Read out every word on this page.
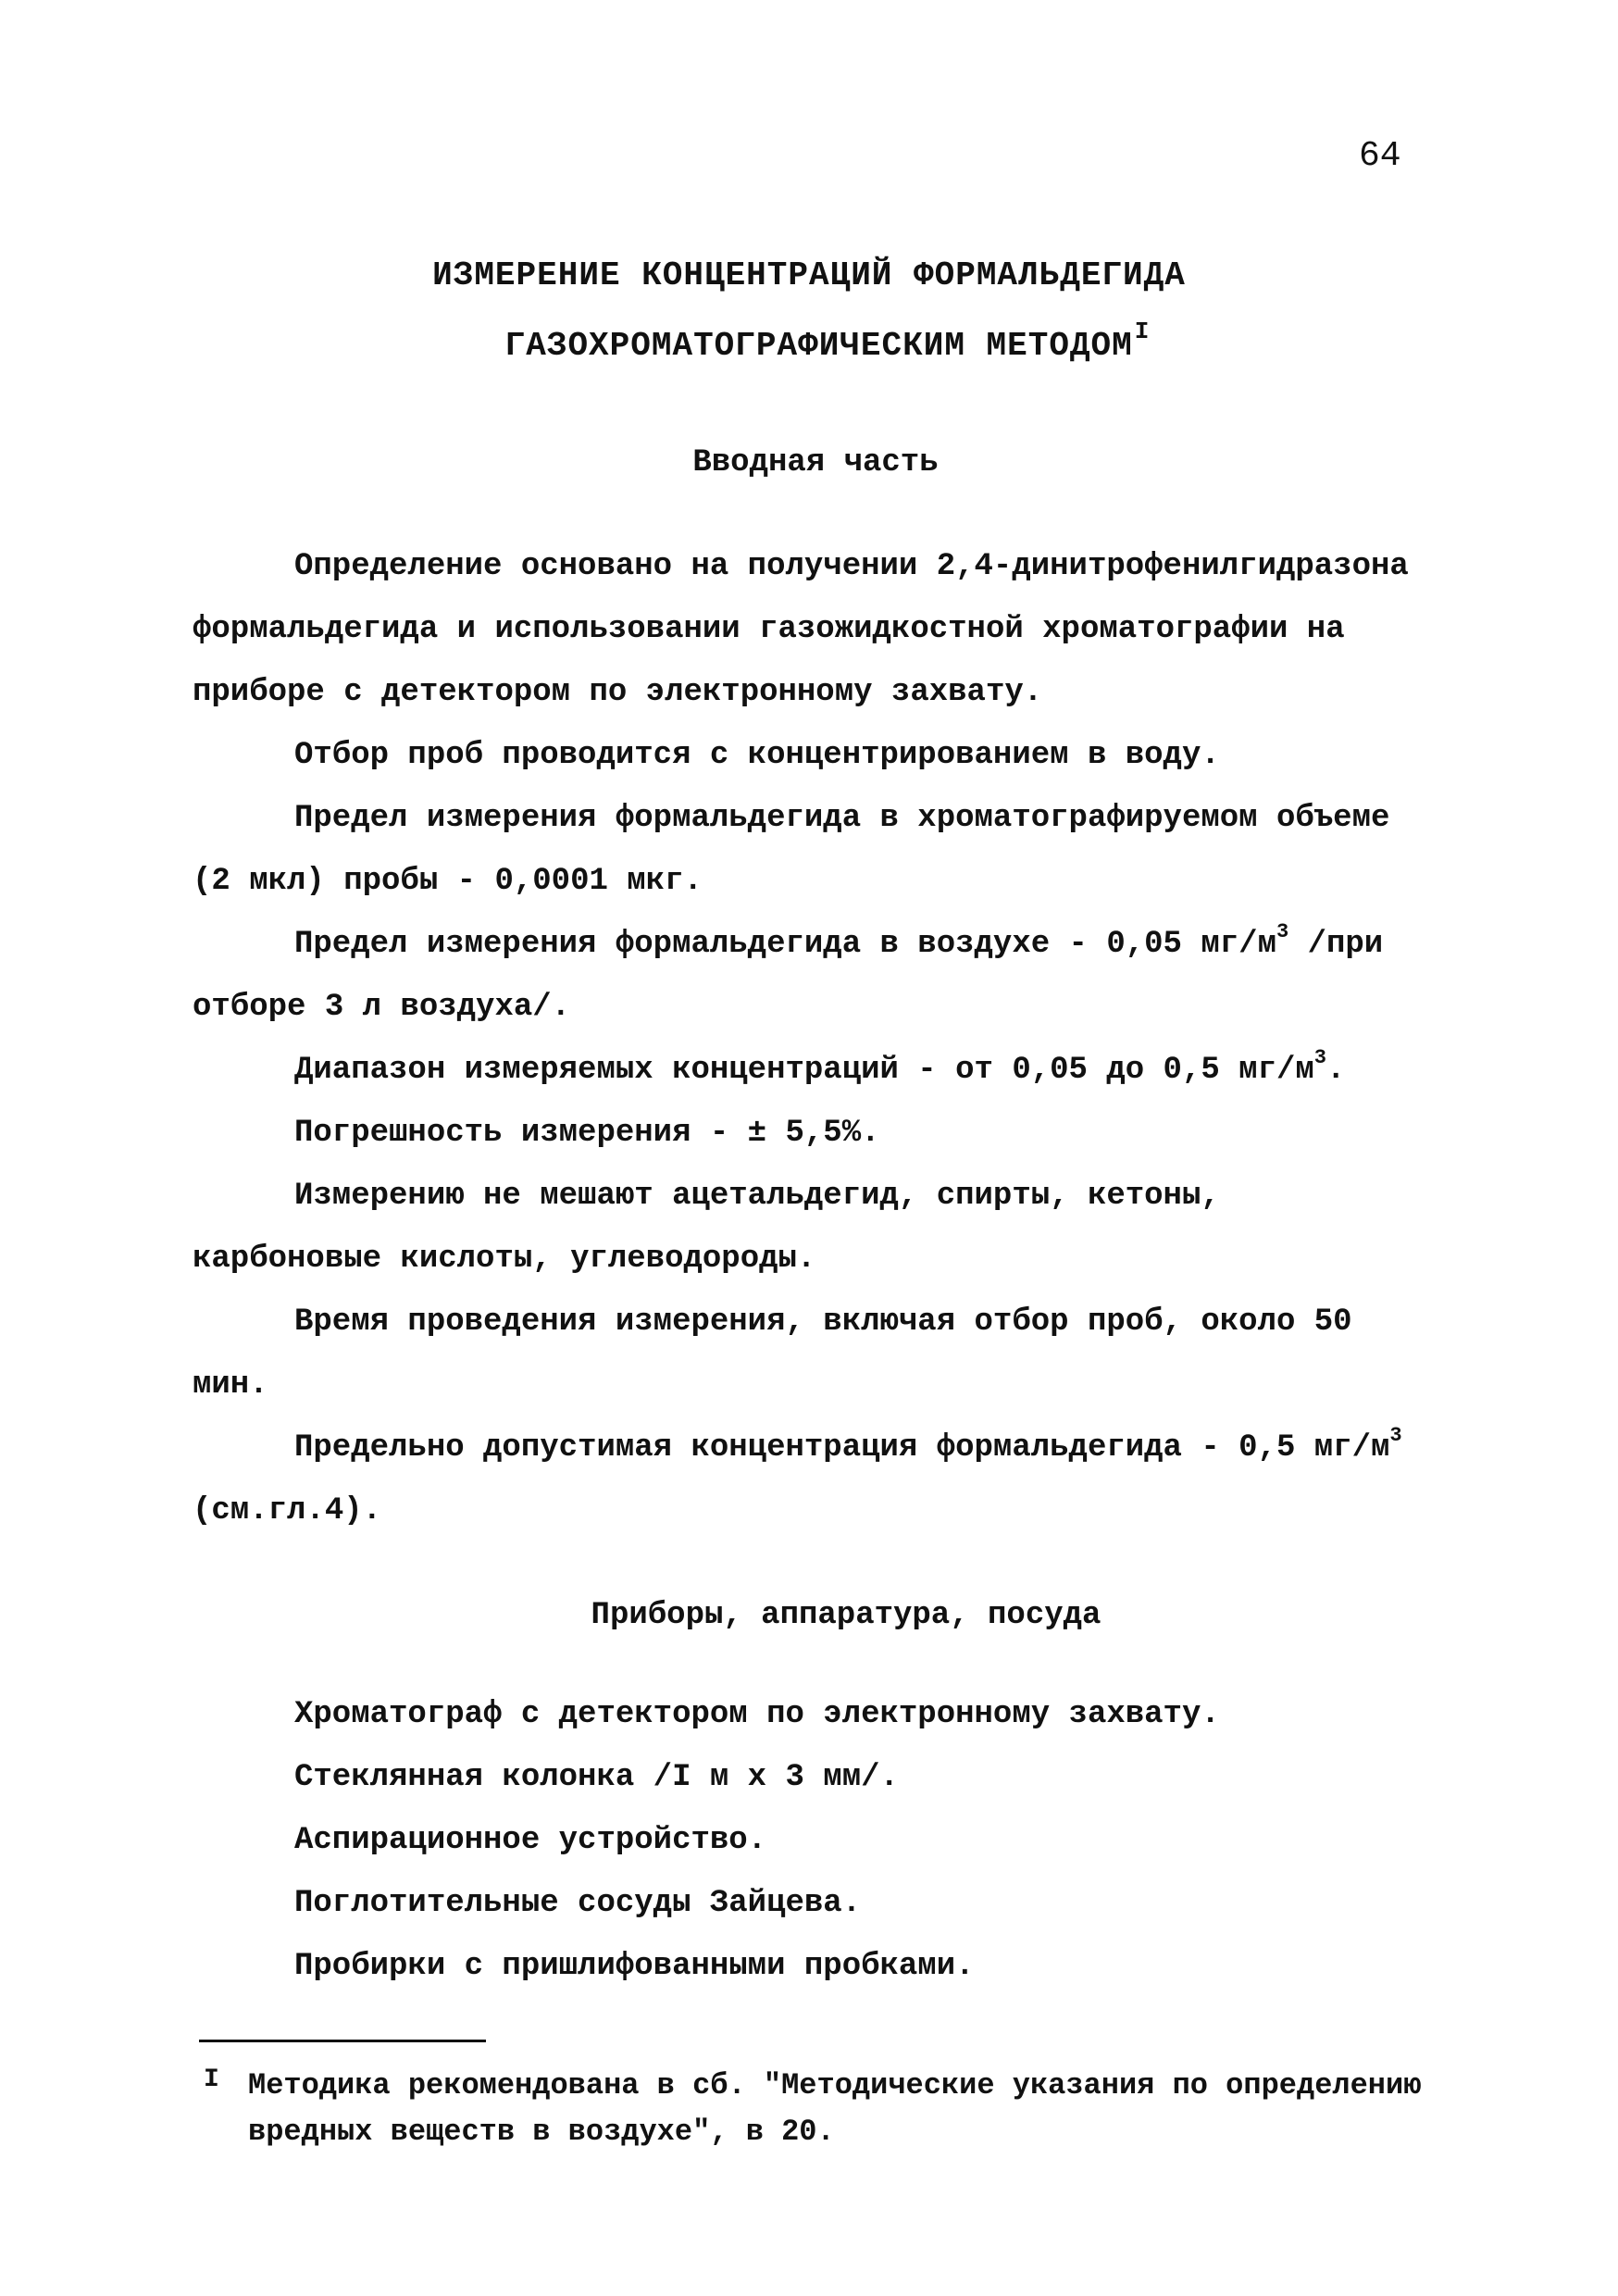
64
ИЗМЕРЕНИЕ КОНЦЕНТРАЦИЙ ФОРМАЛЬДЕГИДА
ГАЗОХРОМАТОГРАФИЧЕСКИМ $МЕТОДОМ^I$
Вводная часть

Определение основано на получении 2,4-динитрофенилгидразона формальдегида и использовании газожидкостной хроматографии на приборе с детектором по электронному захвату.

Отбор проб проводится с концентрированием в воду.

Предел измерения формальдегида в хроматографируемом объеме (2 мкл) пробы - 0,0001 мкг.

Предел измерения формальдегида в воздухе - 0,05 $мг/м^3$ /при отборе 3 л воздуха/.

Диапазон измеряемых концентраций - от 0,05 до 0,5 $мг/м^3$.

Погрешность измерения - ± 5,5%.

Измерению не мешают ацетальдегид, спирты, кетоны, карбоновые кислоты, углеводороды.

Время проведения измерения, включая отбор проб, около 50 мин.

Предельно допустимая концентрация формальдегида - 0,5 $мг/м^3$ (см.гл.4).

Приборы, аппаратура, посуда
Хроматограф с детектором по электронному захвату.
Стеклянная колонка /I м x 3 мм/.
Аспирационное устройство.
Поглотительные сосуды Зайцева.
Пробирки с пришлифованными пробками.
I Методика рекомендована в сб. "Методические указания по определению вредных веществ в воздухе", в 20.
